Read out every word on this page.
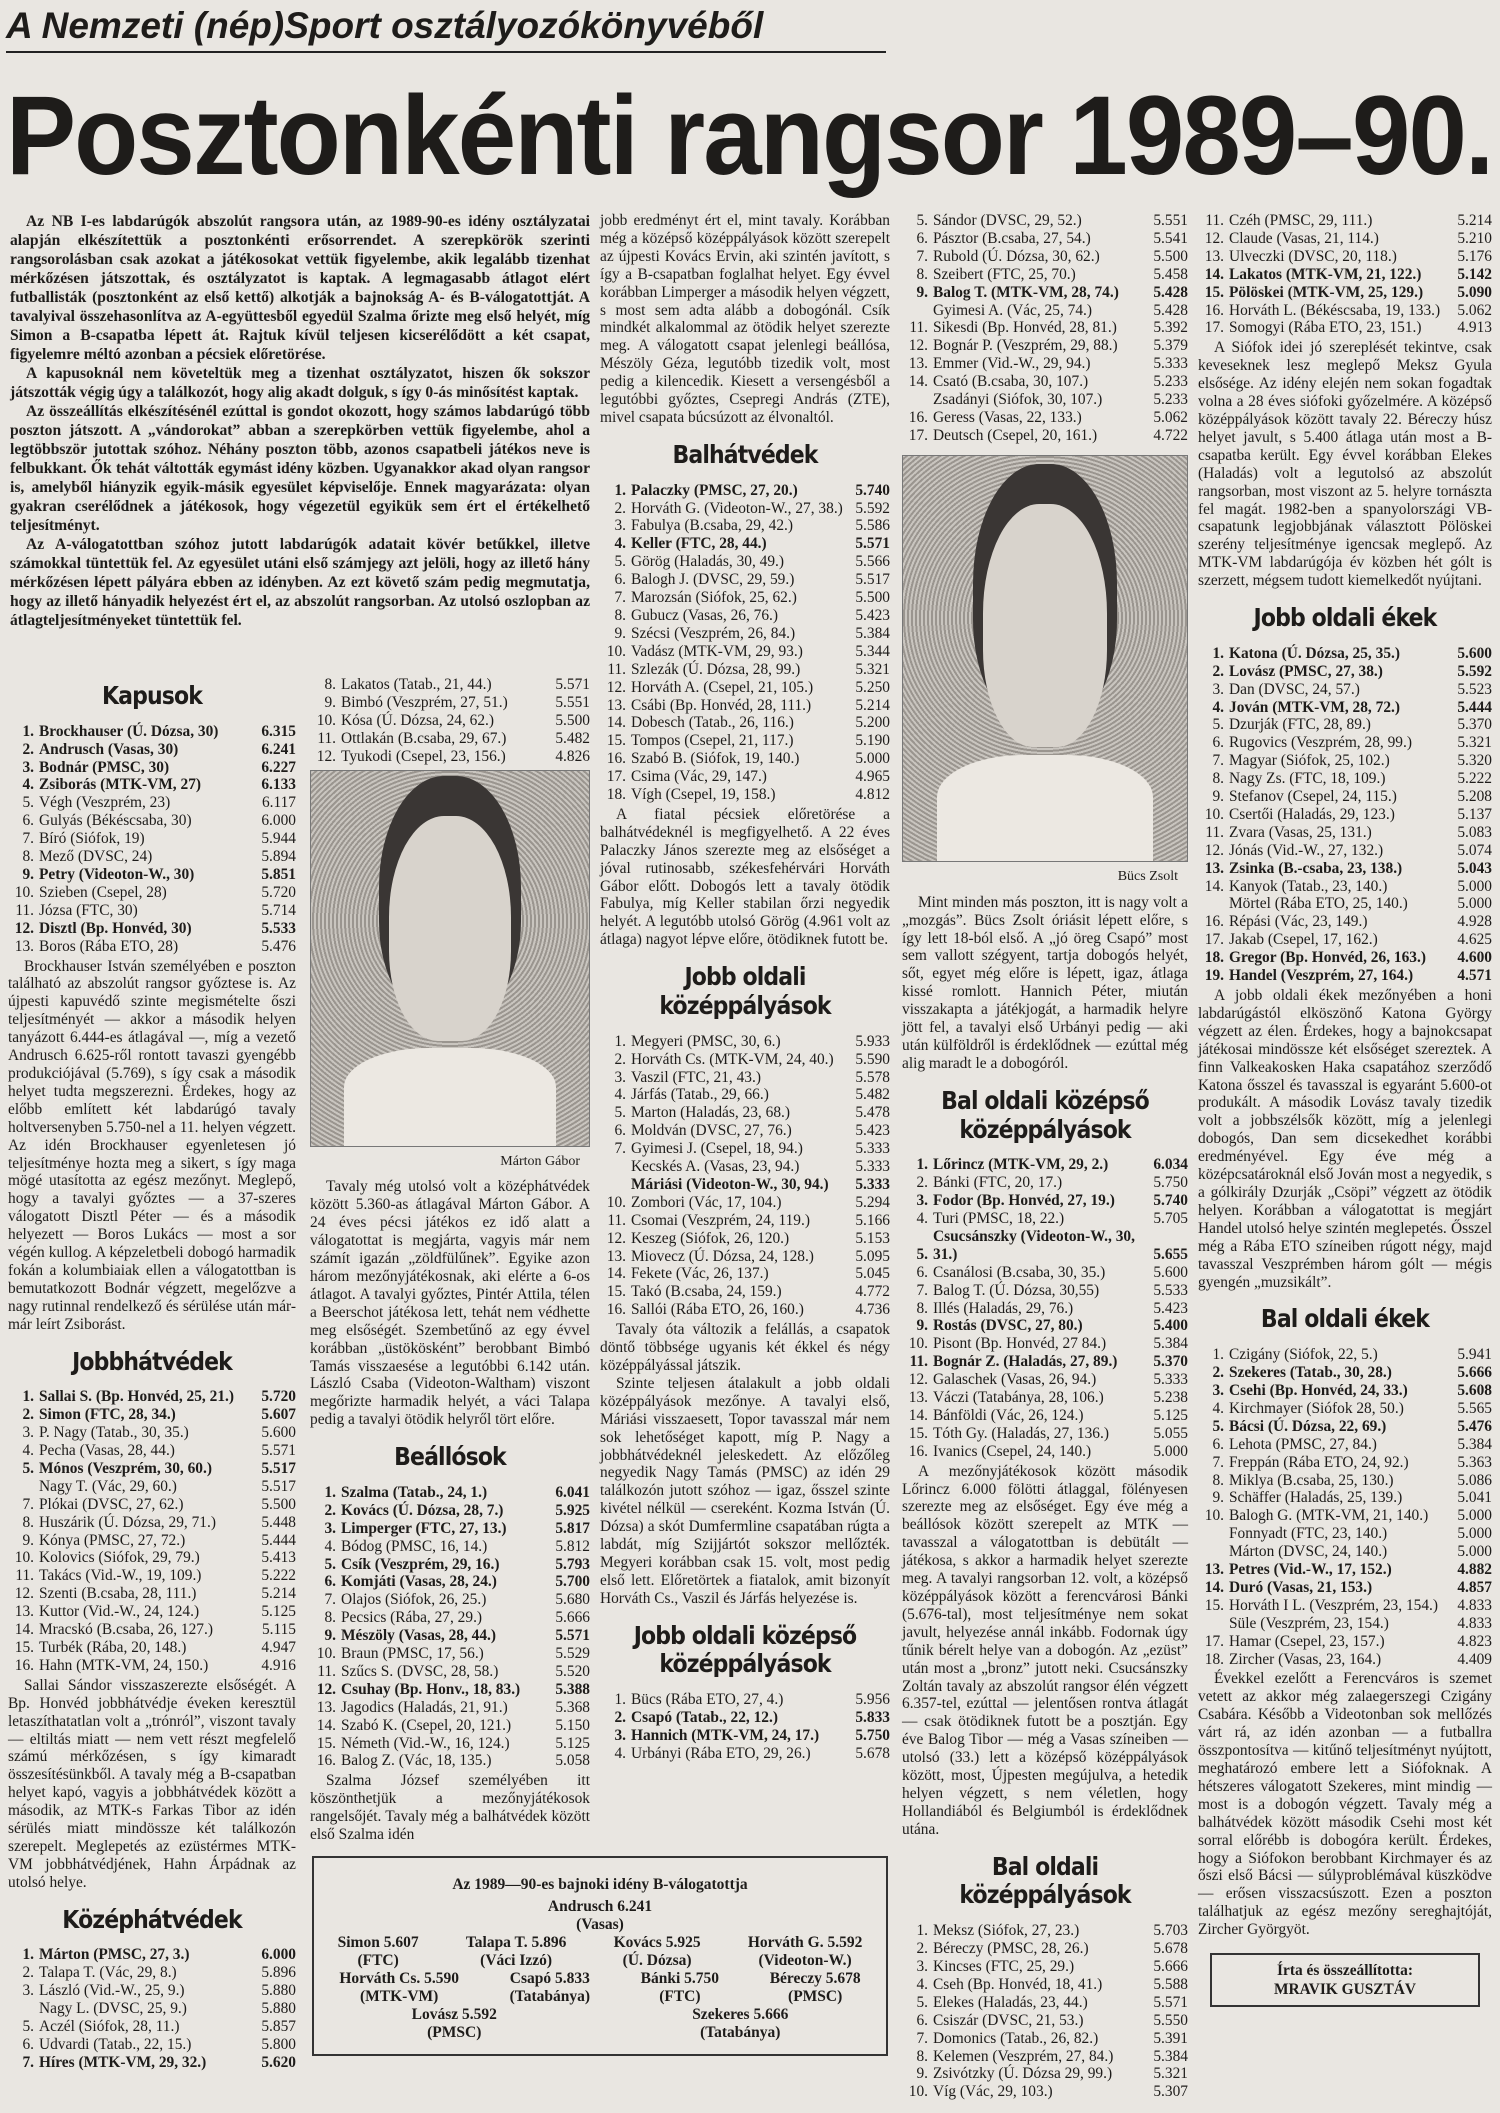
A Nemzeti (nép)Sport osztályozókönyvéből
Posztonkénti rangsor 1989–90.

Az NB I-es labdarúgók abszolút rangsora után, az 1989-90-es idény osztályzatai alapján elkészítettük a posztonkénti erősorrendet. A szerepkörök szerinti rangsorolásban csak azokat a játékosokat vettük figyelembe, akik legalább tizenhat mérkőzésen játszottak, és osztályzatot is kaptak. A legmagasabb átlagot elért futballisták (posztonként az első kettő) alkotják a bajnokság A- és B-válogatottját. A tavalyival összehasonlítva az A-együttesből egyedül Szalma őrizte meg első helyét, míg Simon a B-csapatba lépett át. Rajtuk kívül teljesen kicserélődött a két csapat, figyelemre méltó azonban a pécsiek előretörése.

A kapusoknál nem követeltük meg a tizenhat osztályzatot, hiszen ők sokszor játszották végig úgy a találkozót, hogy alig akadt dolguk, s így 0-ás minősítést kaptak.

Az összeállítás elkészítésénél ezúttal is gondot okozott, hogy számos labdarúgó több poszton játszott. A „vándorokat” abban a szerepkörben vettük figyelembe, ahol a legtöbbször jutottak szóhoz. Néhány poszton több, azonos csapatbeli játékos neve is felbukkant. Ők tehát váltották egymást idény közben. Ugyanakkor akad olyan rangsor is, amelyből hiányzik egyik-másik egyesület képviselője. Ennek magyarázata: olyan gyakran cserélődnek a játékosok, hogy végezetül egyikük sem ért el értékelhető teljesítményt.

Az A-válogatottban szóhoz jutott labdarúgók adatait kövér betűkkel, illetve számokkal tüntettük fel. Az egyesület utáni első számjegy azt jelöli, hogy az illető hány mérkőzésen lépett pályára ebben az idényben. Az ezt követő szám pedig megmutatja, hogy az illető hányadik helyezést ért el, az abszolút rangsorban. Az utolsó oszlopban az átlagteljesítményeket tüntettük fel.

Kapusok
1. Brockhauser (Ú. Dózsa, 30)	6.315
2. Andrusch (Vasas, 30)	6.241
3. Bodnár (PMSC, 30)	6.227
4. Zsiborás (MTK-VM, 27)	6.133
5. Végh (Veszprém, 23)	6.117
6. Gulyás (Békéscsaba, 30)	6.000
7. Bíró (Siófok, 19)	5.944
8. Mező (DVSC, 24)	5.894
9. Petry (Videoton-W., 30)	5.851
10. Szieben (Csepel, 28)	5.720
11. Józsa (FTC, 30)	5.714
12. Disztl (Bp. Honvéd, 30)	5.533
13. Boros (Rába ETO, 28)	5.476

Brockhauser István személyében e poszton található az abszolút rangsor győztese is. Az újpesti kapuvédő szinte megismételte őszi teljesítményét — akkor a második helyen tanyázott 6.444-es átlagával —, míg a vezető Andrusch 6.625-ről rontott tavaszi gyengébb produkciójával (5.769), s így csak a második helyet tudta megszerezni. Érdekes, hogy az előbb említett két labdarúgó tavaly holtversenyben 5.750-nel a 11. helyen végzett. Az idén Brockhauser egyenletesen jó teljesítménye hozta meg a sikert, s így maga mögé utasította az egész mezőnyt. Meglepő, hogy a tavalyi győztes — a 37-szeres válogatott Disztl Péter — és a második helyezett — Boros Lukács — most a sor végén kullog. A képzeletbeli dobogó harmadik fokán a kolumbiaiak ellen a válogatottban is bemutatkozott Bodnár végzett, megelőzve a nagy rutinnal rendelkező és sérülése után már-már leírt Zsiborást.

Jobbhátvédek
1. Sallai S. (Bp. Honvéd, 25, 21.)	5.720
2. Simon (FTC, 28, 34.)	5.607
3. P. Nagy (Tatab., 30, 35.)	5.600
4. Pecha (Vasas, 28, 44.)	5.571
5. Mónos (Veszprém, 30, 60.)	5.517
Nagy T. (Vác, 29, 60.)	5.517
7. Plókai (DVSC, 27, 62.)	5.500
8. Huszárik (Ú. Dózsa, 29, 71.)	5.448
9. Kónya (PMSC, 27, 72.)	5.444
10. Kolovics (Siófok, 29, 79.)	5.413
11. Takács (Vid.-W., 19, 109.)	5.222
12. Szenti (B.csaba, 28, 111.)	5.214
13. Kuttor (Vid.-W., 24, 124.)	5.125
14. Mracskó (B.csaba, 26, 127.)	5.115
15. Turbék (Rába, 20, 148.)	4.947
16. Hahn (MTK-VM, 24, 150.)	4.916

Sallai Sándor visszaszerezte elsőségét. A Bp. Honvéd jobbhátvédje éveken keresztül letaszíthatatlan volt a „trónról”, viszont tavaly — eltiltás miatt — nem vett részt megfelelő számú mérkőzésen, s így kimaradt összesítésünkből. A tavaly még a B-csapatban helyet kapó, vagyis a jobbhátvédek között a második, az MTK-s Farkas Tibor az idén sérülés miatt mindössze két találkozón szerepelt. Meglepetés az ezüstérmes MTK-VM jobbhátvédjének, Hahn Árpádnak az utolsó helye.

Középhátvédek
1. Márton (PMSC, 27, 3.)	6.000
2. Talapa T. (Vác, 29, 8.)	5.896
3. László (Vid.-W., 25, 9.)	5.880
Nagy L. (DVSC, 25, 9.)	5.880
5. Aczél (Siófok, 28, 11.)	5.857
6. Udvardi (Tatab., 22, 15.)	5.800
7. Híres (MTK-VM, 29, 32.)	5.620
8. Lakatos (Tatab., 21, 44.)	5.571
9. Bimbó (Veszprém, 27, 51.)	5.551
10. Kósa (Ú. Dózsa, 24, 62.)	5.500
11. Ottlakán (B.csaba, 29, 67.)	5.482
12. Tyukodi (Csepel, 23, 156.)	4.826
Márton Gábor

Tavaly még utolsó volt a középhátvédek között 5.360-as átlagával Márton Gábor. A 24 éves pécsi játékos ez idő alatt a válogatottat is megjárta, vagyis már nem számít igazán „zöldfülűnek”. Egyike azon három mezőnyjátékosnak, aki elérte a 6-os átlagot. A tavalyi győztes, Pintér Attila, télen a Beerschot játékosa lett, tehát nem védhette meg elsőségét. Szembetűnő az egy évvel korábban „üstökösként” berobbant Bimbó Tamás visszaesése a legutóbbi 6.142 után. László Csaba (Videoton-Waltham) viszont megőrizte harmadik helyét, a váci Talapa pedig a tavalyi ötödik helyről tört előre.

Beállósok
1. Szalma (Tatab., 24, 1.)	6.041
2. Kovács (Ú. Dózsa, 28, 7.)	5.925
3. Limperger (FTC, 27, 13.)	5.817
4. Bódog (PMSC, 16, 14.)	5.812
5. Csík (Veszprém, 29, 16.)	5.793
6. Komjáti (Vasas, 28, 24.)	5.700
7. Olajos (Siófok, 26, 25.)	5.680
8. Pecsics (Rába, 27, 29.)	5.666
9. Mészöly (Vasas, 28, 44.)	5.571
10. Braun (PMSC, 17, 56.)	5.529
11. Szűcs S. (DVSC, 28, 58.)	5.520
12. Csuhay (Bp. Honv., 18, 83.)	5.388
13. Jagodics (Haladás, 21, 91.)	5.368
14. Szabó K. (Csepel, 20, 121.)	5.150
15. Németh (Vid.-W., 16, 124.)	5.125
16. Balog Z. (Vác, 18, 135.)	5.058

Szalma József személyében itt köszönthetjük a mezőnyjátékosok rangelsőjét. Tavaly még a balhátvédek között első Szalma idén

jobb eredményt ért el, mint tavaly. Korábban még a középső középpályások között szerepelt az újpesti Kovács Ervin, aki szintén javított, s így a B-csapatban foglalhat helyet. Egy évvel korábban Limperger a második helyen végzett, s most sem adta alább a dobogónál. Csík mindkét alkalommal az ötödik helyet szerezte meg. A válogatott csapat jelenlegi beállósa, Mészöly Géza, legutóbb tizedik volt, most pedig a kilencedik. Kiesett a versengésből a legutóbbi győztes, Csepregi András (ZTE), mivel csapata búcsúzott az élvonaltól.

Balhátvédek
1. Palaczky (PMSC, 27, 20.)	5.740
2. Horváth G. (Videoton-W., 27, 38.) 5.592
3. Fabulya (B.csaba, 29, 42.)	5.586
4. Keller (FTC, 28, 44.)	5.571
5. Görög (Haladás, 30, 49.)	5.566
6. Balogh J. (DVSC, 29, 59.)	5.517
7. Marozsán (Siófok, 25, 62.)	5.500
8. Gubucz (Vasas, 26, 76.)	5.423
9. Szécsi (Veszprém, 26, 84.)	5.384
10. Vadász (MTK-VM, 29, 93.)	5.344
11. Szlezák (Ú. Dózsa, 28, 99.)	5.321
12. Horváth A. (Csepel, 21, 105.)	5.250
13. Csábi (Bp. Honvéd, 28, 111.)	5.214
14. Dobesch (Tatab., 26, 116.)	5.200
15. Tompos (Csepel, 21, 117.)	5.190
16. Szabó B. (Siófok, 19, 140.)	5.000
17. Csima (Vác, 29, 147.)	4.965
18. Vígh (Csepel, 19, 158.)	4.812

A fiatal pécsiek előretörése a balhátvédeknél is megfigyelhető. A 22 éves Palaczky János szerezte meg az elsőséget a jóval rutinosabb, székesfehérvári Horváth Gábor előtt. Dobogós lett a tavaly ötödik Fabulya, míg Keller stabilan őrzi negyedik helyét. A legutóbb utolsó Görög (4.961 volt az átlaga) nagyot lépve előre, ötödiknek futott be.

Jobb oldali középpályások
1. Megyeri (PMSC, 30, 6.)	5.933
2. Horváth Cs. (MTK-VM, 24, 40.)	5.590
3. Vaszil (FTC, 21, 43.)	5.578
4. Járfás (Tatab., 29, 66.)	5.482
5. Marton (Haladás, 23, 68.)	5.478
6. Moldván (DVSC, 27, 76.)	5.423
7. Gyimesi J. (Csepel, 18, 94.)	5.333
Kecskés A. (Vasas, 23, 94.)	5.333
Máriási (Videoton-W., 30, 94.)	5.333
10. Zombori (Vác, 17, 104.)	5.294
11. Csomai (Veszprém, 24, 119.)	5.166
12. Keszeg (Siófok, 26, 120.)	5.153
13. Miovecz (Ú. Dózsa, 24, 128.)	5.095
14. Fekete (Vác, 26, 137.)	5.045
15. Takó (B.csaba, 24, 159.)	4.772
16. Sallói (Rába ETO, 26, 160.)	4.736

Tavaly óta változik a felállás, a csapatok döntő többsége ugyanis két ékkel és négy középpályással játszik.

Szinte teljesen átalakult a jobb oldali középpályások mezőnye. A tavalyi első, Máriási visszaesett, Topor tavasszal már nem sok lehetőséget kapott, míg P. Nagy a jobbhátvédeknél jeleskedett. Az előzőleg negyedik Nagy Tamás (PMSC) az idén 29 találkozón jutott szóhoz — igaz, ősszel szinte kivétel nélkül — csereként. Kozma István (Ú. Dózsa) a skót Dumfermline csapatában rúgta a labdát, míg Szijjártót sokszor mellőzték. Megyeri korábban csak 15. volt, most pedig első lett. Előretörtek a fiatalok, amit bizonyít Horváth Cs., Vaszil és Járfás helyezése is.

Jobb oldali középső középpályások
1. Bücs (Rába ETO, 27, 4.)	5.956
2. Csapó (Tatab., 22, 12.)	5.833
3. Hannich (MTK-VM, 24, 17.)	5.750
4. Urbányi (Rába ETO, 29, 26.)	5.678
5. Sándor (DVSC, 29, 52.)	5.551
6. Pásztor (B.csaba, 27, 54.)	5.541
7. Rubold (Ú. Dózsa, 30, 62.)	5.500
8. Szeibert (FTC, 25, 70.)	5.458
9. Balog T. (MTK-VM, 28, 74.)	5.428
Gyimesi A. (Vác, 25, 74.)	5.428
11. Sikesdi (Bp. Honvéd, 28, 81.)	5.392
12. Bognár P. (Veszprém, 29, 88.)	5.379
13. Emmer (Vid.-W., 29, 94.)	5.333
14. Csató (B.csaba, 30, 107.)	5.233
Zsadányi (Siófok, 30, 107.)	5.233
16. Geress (Vasas, 22, 133.)	5.062
17. Deutsch (Csepel, 20, 161.)	4.722
Bücs Zsolt

Mint minden más poszton, itt is nagy volt a „mozgás”. Bücs Zsolt óriásit lépett előre, s így lett 18-ból első. A „jó öreg Csapó” most sem vallott szégyent, tartja dobogós helyét, sőt, egyet még előre is lépett, igaz, átlaga kissé romlott. Hannich Péter, miután visszakapta a játékjogát, a harmadik helyre jött fel, a tavalyi első Urbányi pedig — aki után külföldről is érdeklődnek — ezúttal még alig maradt le a dobogóról.

Bal oldali középső középpályások
1. Lőrincz (MTK-VM, 29, 2.)	6.034
2. Bánki (FTC, 20, 17.)	5.750
3. Fodor (Bp. Honvéd, 27, 19.)	5.740
4. Turi (PMSC, 18, 22.)	5.705
5.
Csucsánszky (Videoton-W., 30, 31.)	5.655
6. Csanálosi (B.csaba, 30, 35.)	5.600
7. Balog T. (Ú. Dózsa, 30,55)	5.533
8. Illés (Haladás, 29, 76.)	5.423
9. Rostás (DVSC, 27, 80.)	5.400
10. Pisont (Bp. Honvéd, 27 84.)	5.384
11. Bognár Z. (Haladás, 27, 89.)	5.370
12. Galaschek (Vasas, 26, 94.)	5.333
13. Váczi (Tatabánya, 28, 106.)	5.238
14. Bánföldi (Vác, 26, 124.)	5.125
15. Tóth Gy. (Haladás, 27, 136.)	5.055
16. Ivanics (Csepel, 24, 140.)	5.000

A mezőnyjátékosok között második Lőrincz 6.000 fölötti átlaggal, fölényesen szerezte meg az elsőséget. Egy éve még a beállósok között szerepelt az MTK — tavasszal a válogatottban is debütált — játékosa, s akkor a harmadik helyet szerezte meg. A tavalyi rangsorban 12. volt, a középső középpályások között a ferencvárosi Bánki (5.676-tal), most teljesítménye nem sokat javult, helyezése annál inkább. Fodornak úgy tűnik bérelt helye van a dobogón. Az „ezüst” után most a „bronz” jutott neki. Csucsánszky Zoltán tavaly az abszolút rangsor élén végzett 6.357-tel, ezúttal — jelentősen rontva átlagát — csak ötödiknek futott be a posztján. Egy éve Balog Tibor — még a Vasas színeiben — utolsó (33.) lett a középső középpályások között, most, Újpesten megújulva, a hetedik helyen végzett, s nem véletlen, hogy Hollandiából és Belgiumból is érdeklődnek utána.

Bal oldali középpályások
1. Meksz (Siófok, 27, 23.)	5.703
2. Béreczy (PMSC, 28, 26.)	5.678
3. Kincses (FTC, 25, 29.)	5.666
4. Cseh (Bp. Honvéd, 18, 41.)	5.588
5. Elekes (Haladás, 23, 44.)	5.571
6. Csiszár (DVSC, 21, 53.)	5.550
7. Domonics (Tatab., 26, 82.)	5.391
8. Kelemen (Veszprém, 27, 84.)	5.384
9. Zsivótzky (Ú. Dózsa 29, 99.)	5.321
10. Víg (Vác, 29, 103.)	5.307
11. Czéh (PMSC, 29, 111.)	5.214
12. Claude (Vasas, 21, 114.)	5.210
13. Ulveczki (DVSC, 20, 118.)	5.176
14. Lakatos (MTK-VM, 21, 122.)	5.142
15. Pölöskei (MTK-VM, 25, 129.)	5.090
16. Horváth L. (Békéscsaba, 19, 133.)	5.062
17. Somogyi (Rába ETO, 23, 151.)	4.913

A Siófok idei jó szereplését tekintve, csak keveseknek lesz meglepő Meksz Gyula elsősége. Az idény elején nem sokan fogadtak volna a 28 éves siófoki győzelmére. A középső középpályások között tavaly 22. Béreczy húsz helyet javult, s 5.400 átlaga után most a B-csapatba került. Egy évvel korábban Elekes (Haladás) volt a legutolsó az abszolút rangsorban, most viszont az 5. helyre tornászta fel magát. 1982-ben a spanyolországi VB-csapatunk legjobbjának választott Pölöskei szerény teljesítménye igencsak meglepő. Az MTK-VM labdarúgója év közben hét gólt is szerzett, mégsem tudott kiemelkedőt nyújtani.

Jobb oldali ékek
1. Katona (Ú. Dózsa, 25, 35.)	5.600
2. Lovász (PMSC, 27, 38.)	5.592
3. Dan (DVSC, 24, 57.)	5.523
4. Jován (MTK-VM, 28, 72.)	5.444
5. Dzurják (FTC, 28, 89.)	5.370
6. Rugovics (Veszprém, 28, 99.)	5.321
7. Magyar (Siófok, 25, 102.)	5.320
8. Nagy Zs. (FTC, 18, 109.)	5.222
9. Stefanov (Csepel, 24, 115.)	5.208
10. Csertői (Haladás, 29, 123.)	5.137
11. Zvara (Vasas, 25, 131.)	5.083
12. Jónás (Vid.-W., 27, 132.)	5.074
13. Zsinka (B.-csaba, 23, 138.)	5.043
14. Kanyok (Tatab., 23, 140.)	5.000
Mörtel (Rába ETO, 25, 140.)	5.000
16. Répási (Vác, 23, 149.)	4.928
17. Jakab (Csepel, 17, 162.)	4.625
18. Gregor (Bp. Honvéd, 26, 163.)	4.600
19. Handel (Veszprém, 27, 164.)	4.571

A jobb oldali ékek mezőnyében a honi labdarúgástól elköszönő Katona György végzett az élen. Érdekes, hogy a bajnokcsapat játékosai mindössze két elsőséget szereztek. A finn Valkeakosken Haka csapatához szerződő Katona ősszel és tavasszal is egyaránt 5.600-ot produkált. A második Lovász tavaly tizedik volt a jobbszélsők között, míg a jelenlegi dobogós, Dan sem dicsekedhet korábbi eredményével. Egy éve még a középcsatároknál első Jován most a negyedik, s a gólkirály Dzurják „Csöpi” végzett az ötödik helyen. Korábban a válogatottat is megjárt Handel utolsó helye szintén meglepetés. Ősszel még a Rába ETO színeiben rúgott négy, majd tavasszal Veszprémben három gólt — mégis gyengén „muzsikált”.

Bal oldali ékek
1. Czigány (Siófok, 22, 5.)	5.941
2. Szekeres (Tatab., 30, 28.)	5.666
3. Csehi (Bp. Honvéd, 24, 33.)	5.608
4. Kirchmayer (Siófok 28, 50.)	5.565
5. Bácsi (Ú. Dózsa, 22, 69.)	5.476
6. Lehota (PMSC, 27, 84.)	5.384
7. Freppán (Rába ETO, 24, 92.)	5.363
8. Miklya (B.csaba, 25, 130.)	5.086
9. Schäffer (Haladás, 25, 139.)	5.041
10. Balogh G. (MTK-VM, 21, 140.)	5.000
Fonnyadt (FTC, 23, 140.)	5.000
Márton (DVSC, 24, 140.)	5.000
13. Petres (Vid.-W., 17, 152.)	4.882
14. Duró (Vasas, 21, 153.)	4.857
15. Horváth I L. (Veszprém, 23, 154.)	4.833
Süle (Veszprém, 23, 154.)	4.833
17. Hamar (Csepel, 23, 157.)	4.823
18. Zircher (Vasas, 23, 164.)	4.409

Évekkel ezelőtt a Ferencváros is szemet vetett az akkor még zalaegerszegi Czigány Csabára. Később a Videotonban sok mellőzés várt rá, az idén azonban — a futballra összpontosítva — kitűnő teljesítményt nyújtott, meghatározó embere lett a Siófoknak. A hétszeres válogatott Szekeres, mint mindig — most is a dobogón végzett. Tavaly még a balhátvédek között második Csehi most két sorral előrébb is dobogóra került. Érdekes, hogy a Siófokon berobbant Kirchmayer és az őszi első Bácsi — súlyproblémával küszködve — erősen visszacsúszott. Ezen a poszton találhatjuk az egész mezőny sereghajtóját, Zircher Györgyöt.

Írta és összeállította:
MRAVIK GUSZTÁV
Az 1989—90-es bajnoki idény B-válogatottja
Andrusch 6.241
(Vasas)
Simon 5.607
(FTC)
Talapa T. 5.896
(Váci Izzó)
Kovács 5.925
(Ú. Dózsa)
Horváth G. 5.592
(Videoton-W.)
Horváth Cs. 5.590
(MTK-VM)
Csapó 5.833
(Tatabánya)
Bánki 5.750
(FTC)
Béreczy 5.678
(PMSC)
Lovász 5.592
(PMSC)
Szekeres 5.666
(Tatabánya)
